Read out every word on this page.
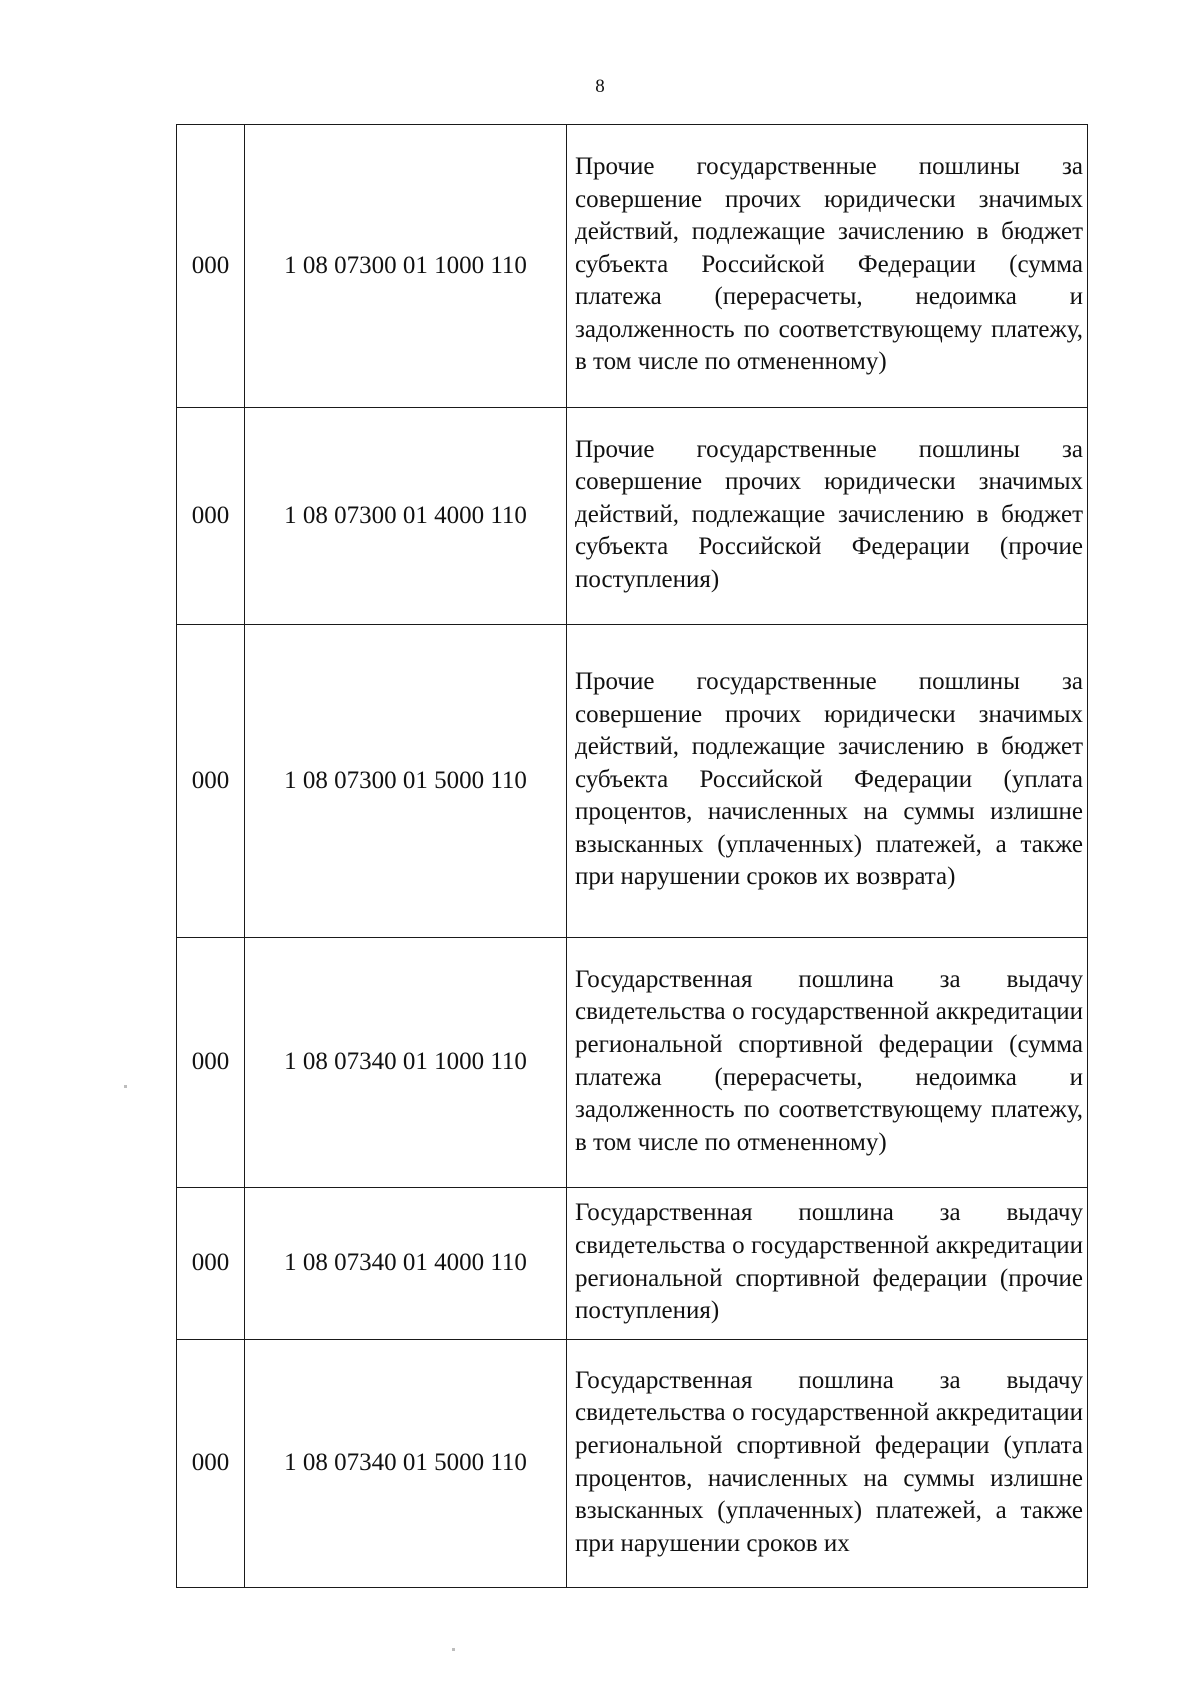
8
000	1 08 07300 01 1000 110	Прочие государственные пошлины за совершение прочих юридически значимых действий, подлежащие зачислению в бюджет субъекта Российской Федерации (сумма платежа (перерасчеты, недоимка и задолженность по соответствующему платежу, в том числе по отмененному)
000	1 08 07300 01 4000 110	Прочие государственные пошлины за совершение прочих юридически значимых действий, подлежащие зачислению в бюджет субъекта Российской Федерации (прочие поступления)
000	1 08 07300 01 5000 110	Прочие государственные пошлины за совершение прочих юридически значимых действий, подлежащие зачислению в бюджет субъекта Российской Федерации (уплата процентов, начисленных на суммы излишне взысканных (уплаченных) платежей, а также при нарушении сроков их возврата)
000	1 08 07340 01 1000 110	Государственная пошлина за выдачу свидетельства о государственной аккредитации региональной спортивной федерации (сумма платежа (перерасчеты, недоимка и задолженность по соответствующему платежу, в том числе по отмененному)
000	1 08 07340 01 4000 110	Государственная пошлина за выдачу свидетельства о государственной аккредитации региональной спортивной федерации (прочие поступления)
000	1 08 07340 01 5000 110	Государственная пошлина за выдачу свидетельства о государственной аккредитации региональной спортивной федерации (уплата процентов, начисленных на суммы излишне взысканных (уплаченных) платежей, а также при нарушении сроков их
